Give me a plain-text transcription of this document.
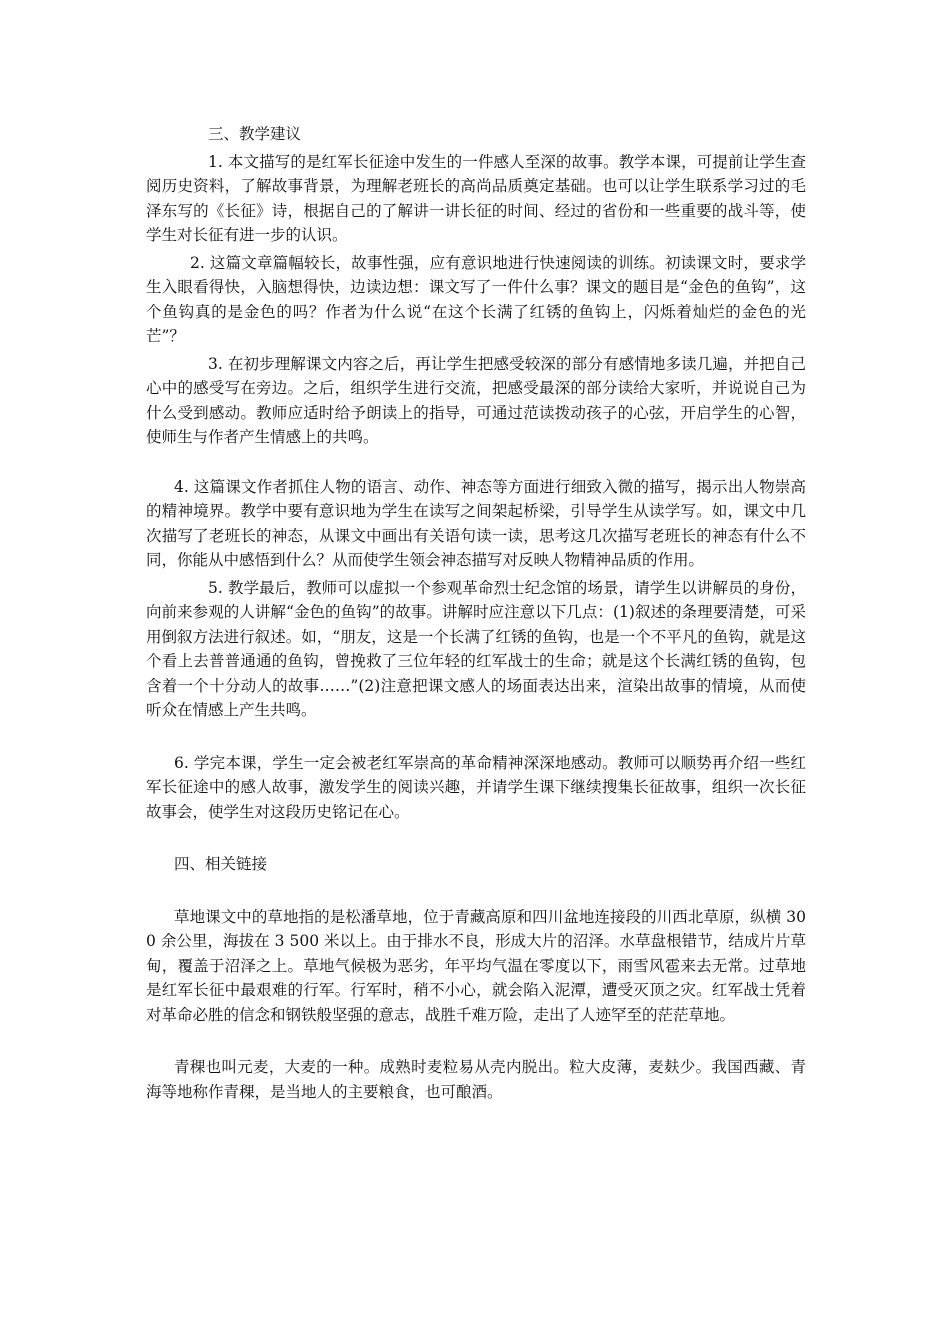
三、教学建议

1. 本文描写的是红军长征途中发生的一件感人至深的故事。教学本课，可提前让学生查阅历史资料，了解故事背景，为理解老班长的高尚品质奠定基础。也可以让学生联系学习过的毛泽东写的《长征》诗，根据自己的了解讲一讲长征的时间、经过的省份和一些重要的战斗等，使学生对长征有进一步的认识。

2. 这篇文章篇幅较长，故事性强，应有意识地进行快速阅读的训练。初读课文时，要求学生入眼看得快，入脑想得快，边读边想：课文写了一件什么事？课文的题目是“金色的鱼钩”，这个鱼钩真的是金色的吗？作者为什么说“在这个长满了红锈的鱼钩上，闪烁着灿烂的金色的光芒”？

3. 在初步理解课文内容之后，再让学生把感受较深的部分有感情地多读几遍，并把自己心中的感受写在旁边。之后，组织学生进行交流，把感受最深的部分读给大家听，并说说自己为什么受到感动。教师应适时给予朗读上的指导，可通过范读拨动孩子的心弦，开启学生的心智，使师生与作者产生情感上的共鸣。

4. 这篇课文作者抓住人物的语言、动作、神态等方面进行细致入微的描写，揭示出人物崇高的精神境界。教学中要有意识地为学生在读写之间架起桥梁，引导学生从读学写。如，课文中几次描写了老班长的神态，从课文中画出有关语句读一读，思考这几次描写老班长的神态有什么不同，你能从中感悟到什么？从而使学生领会神态描写对反映人物精神品质的作用。

5. 教学最后，教师可以虚拟一个参观革命烈士纪念馆的场景，请学生以讲解员的身份，向前来参观的人讲解“金色的鱼钩”的故事。讲解时应注意以下几点：(1)叙述的条理要清楚，可采用倒叙方法进行叙述。如，“朋友，这是一个长满了红锈的鱼钩，也是一个不平凡的鱼钩，就是这个看上去普普通通的鱼钩，曾挽救了三位年轻的红军战士的生命；就是这个长满红锈的鱼钩，包含着一个十分动人的故事……”(2)注意把课文感人的场面表达出来，渲染出故事的情境，从而使听众在情感上产生共鸣。

6. 学完本课，学生一定会被老红军崇高的革命精神深深地感动。教师可以顺势再介绍一些红军长征途中的感人故事，激发学生的阅读兴趣，并请学生课下继续搜集长征故事，组织一次长征故事会，使学生对这段历史铭记在心。

四、相关链接

草地课文中的草地指的是松潘草地，位于青藏高原和四川盆地连接段的川西北草原，纵横 300 余公里，海拔在 3 500 米以上。由于排水不良，形成大片的沼泽。水草盘根错节，结成片片草甸，覆盖于沼泽之上。草地气候极为恶劣，年平均气温在零度以下，雨雪风雹来去无常。过草地是红军长征中最艰难的行军。行军时，稍不小心，就会陷入泥潭，遭受灭顶之灾。红军战士凭着对革命必胜的信念和钢铁般坚强的意志，战胜千难万险，走出了人迹罕至的茫茫草地。

青稞也叫元麦，大麦的一种。成熟时麦粒易从壳内脱出。粒大皮薄，麦麸少。我国西藏、青海等地称作青稞，是当地人的主要粮食，也可酿酒。
